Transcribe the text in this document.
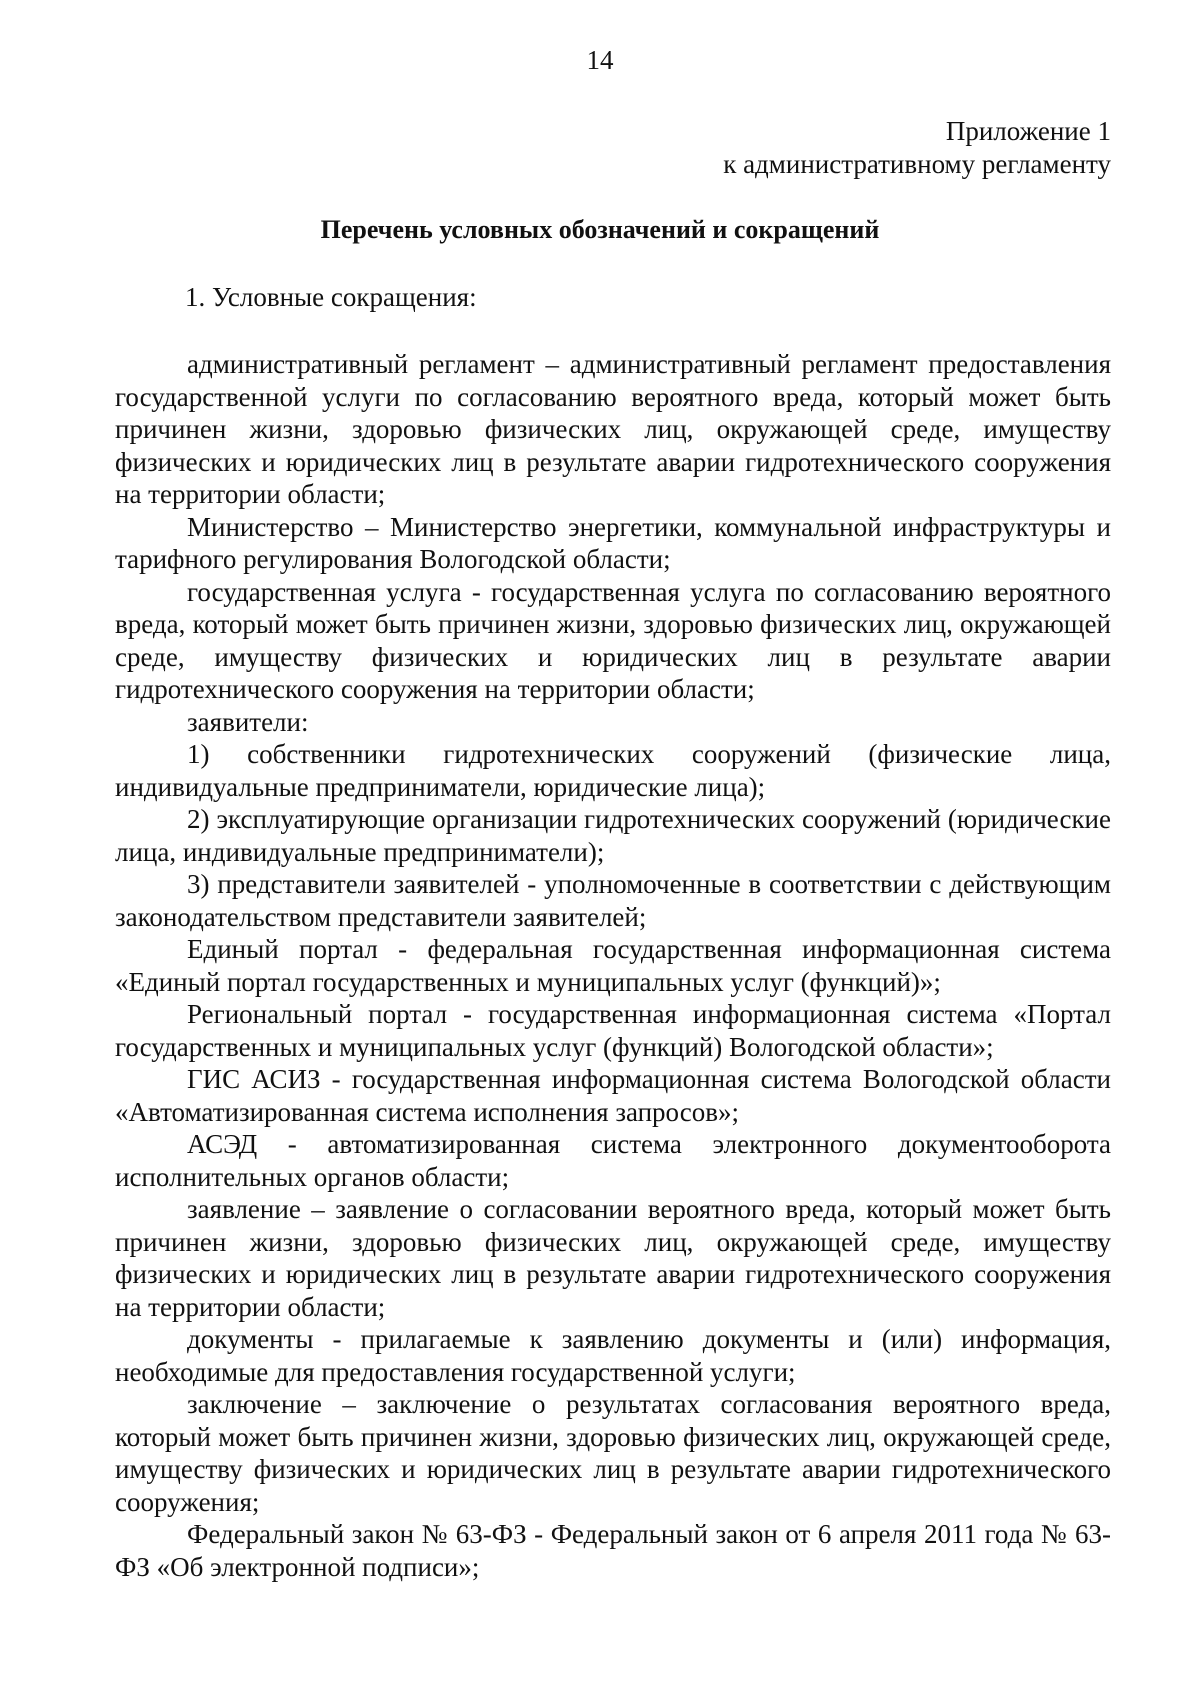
14
Приложение 1
к административному регламенту
Перечень условных обозначений и сокращений
1. Условные сокращения:

административный регламент – административный регламент предоставления государственной услуги по согласованию вероятного вреда, который может быть причинен жизни, здоровью физических лиц, окружающей среде, имуществу физических и юридических лиц в результате аварии гидротехнического сооружения на территории области;

Министерство – Министерство энергетики, коммунальной инфраструктуры и тарифного регулирования Вологодской области;

государственная услуга - государственная услуга по согласованию вероятного вреда, который может быть причинен жизни, здоровью физических лиц, окружающей среде, имуществу физических и юридических лиц в результате аварии гидротехнического сооружения на территории области;

заявители:

1) собственники гидротехнических сооружений (физические лица, индивидуальные предприниматели, юридические лица);

2) эксплуатирующие организации гидротехнических сооружений (юридические лица, индивидуальные предприниматели);

3) представители заявителей - уполномоченные в соответствии с действующим законодательством представители заявителей;

Единый портал - федеральная государственная информационная система «Единый портал государственных и муниципальных услуг (функций)»;

Региональный портал - государственная информационная система «Портал государственных и муниципальных услуг (функций) Вологодской области»;

ГИС АСИЗ - государственная информационная система Вологодской области «Автоматизированная система исполнения запросов»;

АСЭД - автоматизированная система электронного документооборота исполнительных органов области;

заявление – заявление о согласовании вероятного вреда, который может быть причинен жизни, здоровью физических лиц, окружающей среде, имуществу физических и юридических лиц в результате аварии гидротехнического сооружения на территории области;

документы - прилагаемые к заявлению документы и (или) информация, необходимые для предоставления государственной услуги;

заключение – заключение о результатах согласования вероятного вреда, который может быть причинен жизни, здоровью физических лиц, окружающей среде, имуществу физических и юридических лиц в результате аварии гидротехнического сооружения;

Федеральный закон № 63-ФЗ - Федеральный закон от 6 апреля 2011 года № 63-ФЗ «Об электронной подписи»;
